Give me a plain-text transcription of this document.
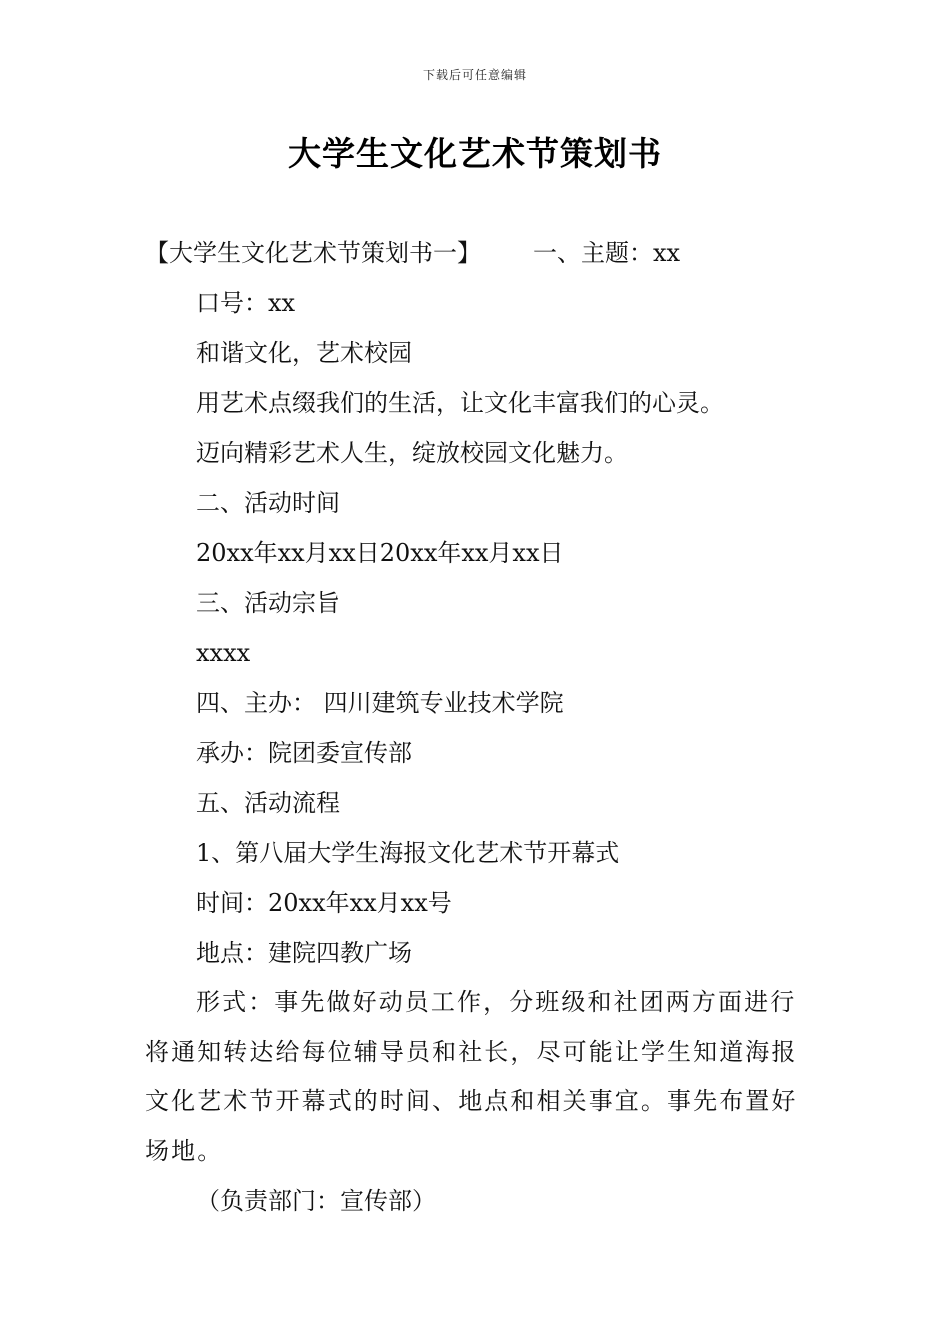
下载后可任意编辑
大学生文化艺术节策划书
【大学生文化艺术节策划书一】 一、主题：xx
口号：xx
和谐文化，艺术校园
用艺术点缀我们的生活，让文化丰富我们的心灵。
迈向精彩艺术人生，绽放校园文化魅力。
二、活动时间
20xx年xx月xx日20xx年xx月xx日
三、活动宗旨
xxxx
四、主办： 四川建筑专业技术学院
承办：院团委宣传部
五、活动流程
1、第八届大学生海报文化艺术节开幕式
时间：20xx年xx月xx号
地点：建院四教广场

形式：事先做好动员工作，分班级和社团两方面进行将通知转达给每位辅导员和社长，尽可能让学生知道海报文化艺术节开幕式的时间、地点和相关事宜。事先布置好场地。

（负责部门：宣传部）
